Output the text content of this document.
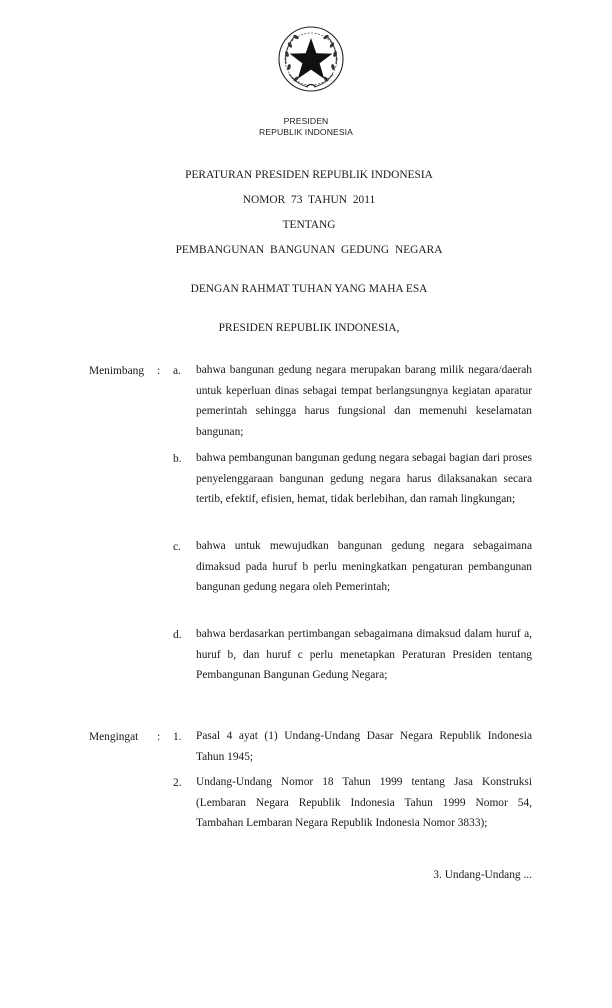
PRESIDEN
REPUBLIK INDONESIA
PERATURAN PRESIDEN REPUBLIK INDONESIA
NOMOR 73 TAHUN 2011
TENTANG
PEMBANGUNAN BANGUNAN GEDUNG NEGARA
DENGAN RAHMAT TUHAN YANG MAHA ESA
PRESIDEN REPUBLIK INDONESIA,
Menimbang : a. bahwa bangunan gedung negara merupakan barang milik negara/daerah untuk keperluan dinas sebagai tempat berlangsungnya kegiatan aparatur pemerintah sehingga harus fungsional dan memenuhi keselamatan bangunan;
b. bahwa pembangunan bangunan gedung negara sebagai bagian dari proses penyelenggaraan bangunan gedung negara harus dilaksanakan secara tertib, efektif, efisien, hemat, tidak berlebihan, dan ramah lingkungan;
c. bahwa untuk mewujudkan bangunan gedung negara sebagaimana dimaksud pada huruf b perlu meningkatkan pengaturan pembangunan bangunan gedung negara oleh Pemerintah;
d. bahwa berdasarkan pertimbangan sebagaimana dimaksud dalam huruf a, huruf b, dan huruf c perlu menetapkan Peraturan Presiden tentang Pembangunan Bangunan Gedung Negara;
Mengingat : 1. Pasal 4 ayat (1) Undang-Undang Dasar Negara Republik Indonesia Tahun 1945;
2. Undang-Undang Nomor 18 Tahun 1999 tentang Jasa Konstruksi (Lembaran Negara Republik Indonesia Tahun 1999 Nomor 54, Tambahan Lembaran Negara Republik Indonesia Nomor 3833);
3. Undang-Undang ...
